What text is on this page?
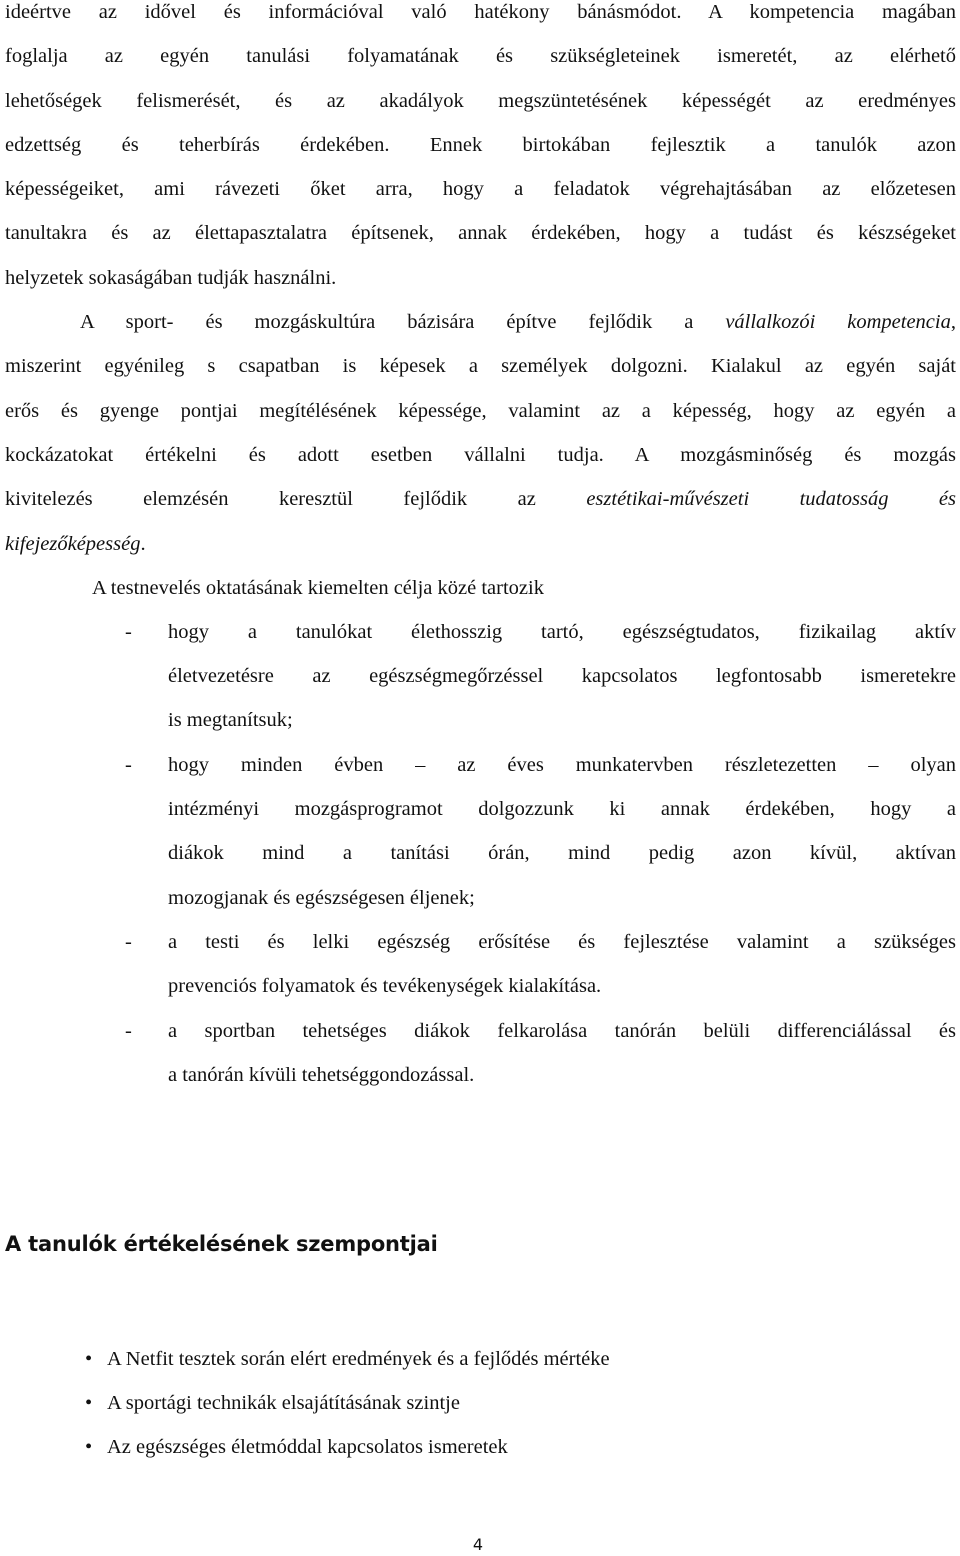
ideértve az idővel és információval való hatékony bánásmódot. A kompetencia magában

foglalja az egyén tanulási folyamatának és szükségleteinek ismeretét, az elérhető

lehetőségek felismerését, és az akadályok megszüntetésének képességét az eredményes

edzettség és teherbírás érdekében. Ennek birtokában fejlesztik a tanulók azon

képességeiket, ami rávezeti őket arra, hogy a feladatok végrehajtásában az előzetesen

tanultakra és az élettapasztalatra építsenek, annak érdekében, hogy a tudást és készségeket

helyzetek sokaságában tudják használni.

A sport- és mozgáskultúra bázisára építve fejlődik a vállalkozói kompetencia,

miszerint egyénileg s csapatban is képesek a személyek dolgozni. Kialakul az egyén saját

erős és gyenge pontjai megítélésének képessége, valamint az a képesség, hogy az egyén a

kockázatokat értékelni és adott esetben vállalni tudja. A mozgásminőség és mozgás

kivitelezés elemzésén keresztül fejlődik az esztétikai-művészeti tudatosság és

kifejezőképesség.

A testnevelés oktatásának kiemelten célja közé tartozik

- hogy a tanulókat élethosszig tartó, egészségtudatos, fizikailag aktív
életvezetésre az egészségmegőrzéssel kapcsolatos legfontosabb ismeretekre
is megtanítsuk;
- hogy minden évben – az éves munkatervben részletezetten – olyan
intézményi mozgásprogramot dolgozzunk ki annak érdekében, hogy a
diákok mind a tanítási órán, mind pedig azon kívül, aktívan
mozogjanak és egészségesen éljenek;
- a testi és lelki egészség erősítése és fejlesztése valamint a szükséges
prevenciós folyamatok és tevékenységek kialakítása.
- a sportban tehetséges diákok felkarolása tanórán belüli differenciálással és
a tanórán kívüli tehetséggondozással.
A tanulók értékelésének szempontjai
• A Netfit tesztek során elért eredmények és a fejlődés mértéke
• A sportági technikák elsajátításának szintje
• Az egészséges életmóddal kapcsolatos ismeretek
4
